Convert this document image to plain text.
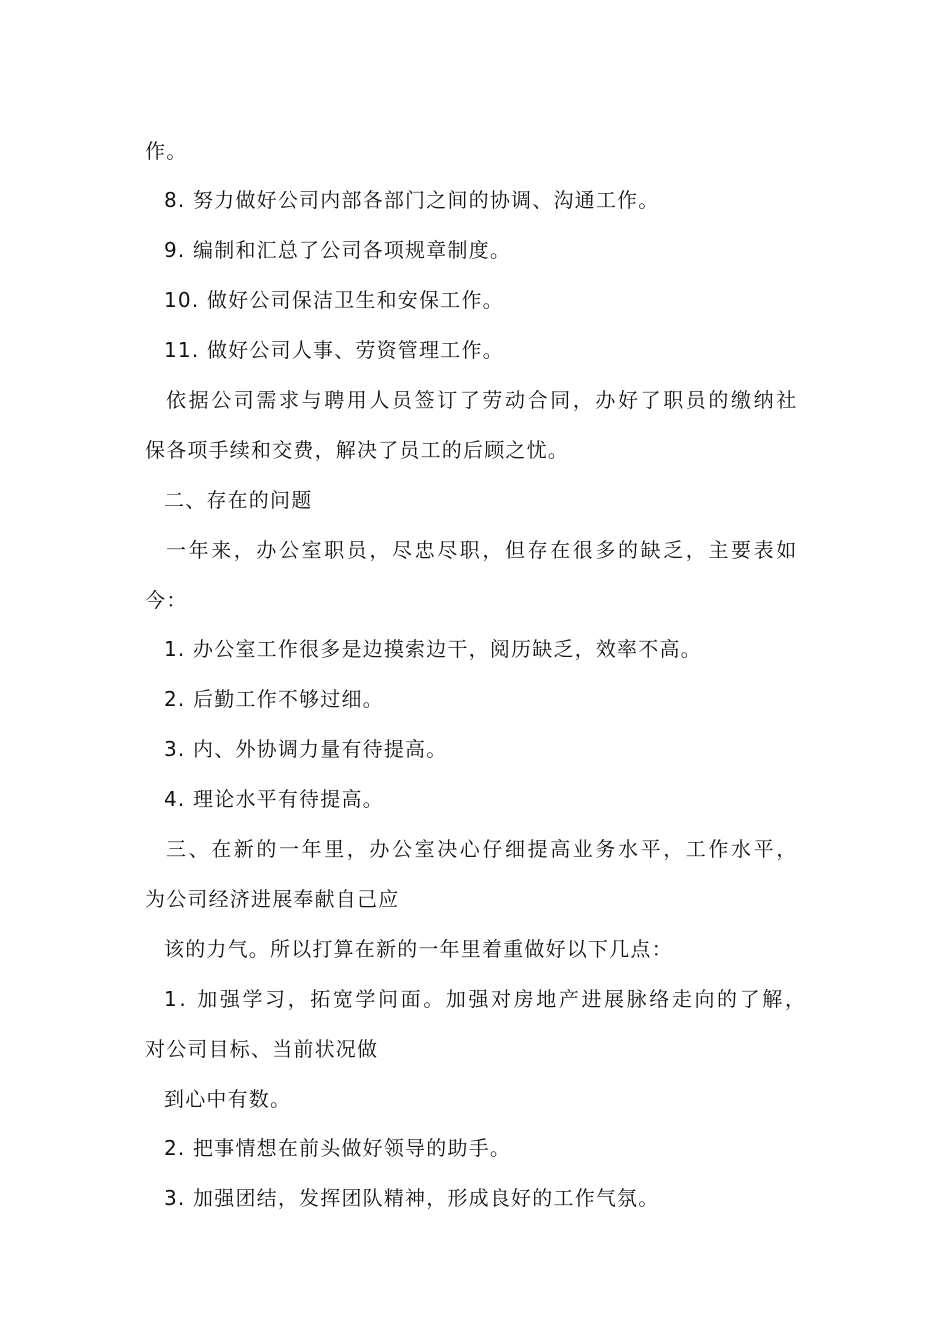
作。
8. 努力做好公司内部各部门之间的协调、沟通工作。
9. 编制和汇总了公司各项规章制度。
10. 做好公司保洁卫生和安保工作。
11. 做好公司人事、劳资管理工作。
依据公司需求与聘用人员签订了劳动合同，办好了职员的缴纳社
保各项手续和交费，解决了员工的后顾之忧。
二、存在的问题
一年来，办公室职员，尽忠尽职，但存在很多的缺乏，主要表如
今：
1. 办公室工作很多是边摸索边干，阅历缺乏，效率不高。
2. 后勤工作不够过细。
3. 内、外协调力量有待提高。
4. 理论水平有待提高。
三、在新的一年里，办公室决心仔细提高业务水平，工作水平，
为公司经济进展奉献自己应
该的力气。所以打算在新的一年里着重做好以下几点：
1. 加强学习，拓宽学问面。加强对房地产进展脉络走向的了解，
对公司目标、当前状况做
到心中有数。
2. 把事情想在前头做好领导的助手。
3. 加强团结，发挥团队精神，形成良好的工作气氛。
